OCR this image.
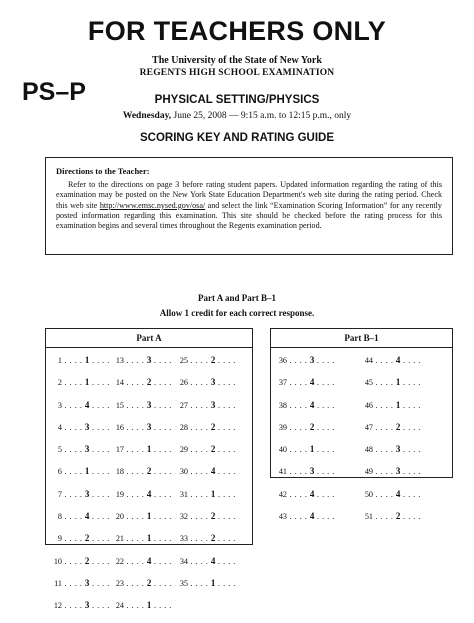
FOR TEACHERS ONLY
The University of the State of New York
REGENTS HIGH SCHOOL EXAMINATION
PS–P	PHYSICAL SETTING/PHYSICS
Wednesday, June 25, 2008 — 9:15 a.m. to 12:15 p.m., only
SCORING KEY AND RATING GUIDE
Directions to the Teacher:
Refer to the directions on page 3 before rating student papers. Updated information regarding the rating of this examination may be posted on the New York State Education Department's web site during the rating period. Check this web site http://www.emsc.nysed.gov/osa/ and select the link “Examination Scoring Information” for any recently posted information regarding this examination. This site should be checked before the rating process for this examination begins and several times throughout the Regents examination period.
Part A and Part B–1
Allow 1 credit for each correct response.
Part A
1 . . . . 1 . . . .
2 . . . . 1 . . . .
3 . . . . 4 . . . .
4 . . . . 3 . . . .
5 . . . . 3 . . . .
6 . . . . 1 . . . .
7 . . . . 3 . . . .
8 . . . . 4 . . . .
9 . . . . 2 . . . .
10 . . . . 2 . . . .
11 . . . . 3 . . . .
12 . . . . 3 . . . .
13 . . . . 3 . . . .
14 . . . . 2 . . . .
15 . . . . 3 . . . .
16 . . . . 3 . . . .
17 . . . . 1 . . . .
18 . . . . 2 . . . .
19 . . . . 4 . . . .
20 . . . . 1 . . . .
21 . . . . 1 . . . .
22 . . . . 4 . . . .
23 . . . . 2 . . . .
24 . . . . 1 . . . .
25 . . . . 2 . . . .
26 . . . . 3 . . . .
27 . . . . 3 . . . .
28 . . . . 2 . . . .
29 . . . . 2 . . . .
30 . . . . 4 . . . .
31 . . . . 1 . . . .
32 . . . . 2 . . . .
33 . . . . 2 . . . .
34 . . . . 4 . . . .
35 . . . . 1 . . . .
Part B–1
36 . . . . 3 . . . .
37 . . . . 4 . . . .
38 . . . . 4 . . . .
39 . . . . 2 . . . .
40 . . . . 1 . . . .
41 . . . . 3 . . . .
42 . . . . 4 . . . .
43 . . . . 4 . . . .
44 . . . . 4 . . . .
45 . . . . 1 . . . .
46 . . . . 1 . . . .
47 . . . . 2 . . . .
48 . . . . 3 . . . .
49 . . . . 3 . . . .
50 . . . . 4 . . . .
51 . . . . 2 . . . .
